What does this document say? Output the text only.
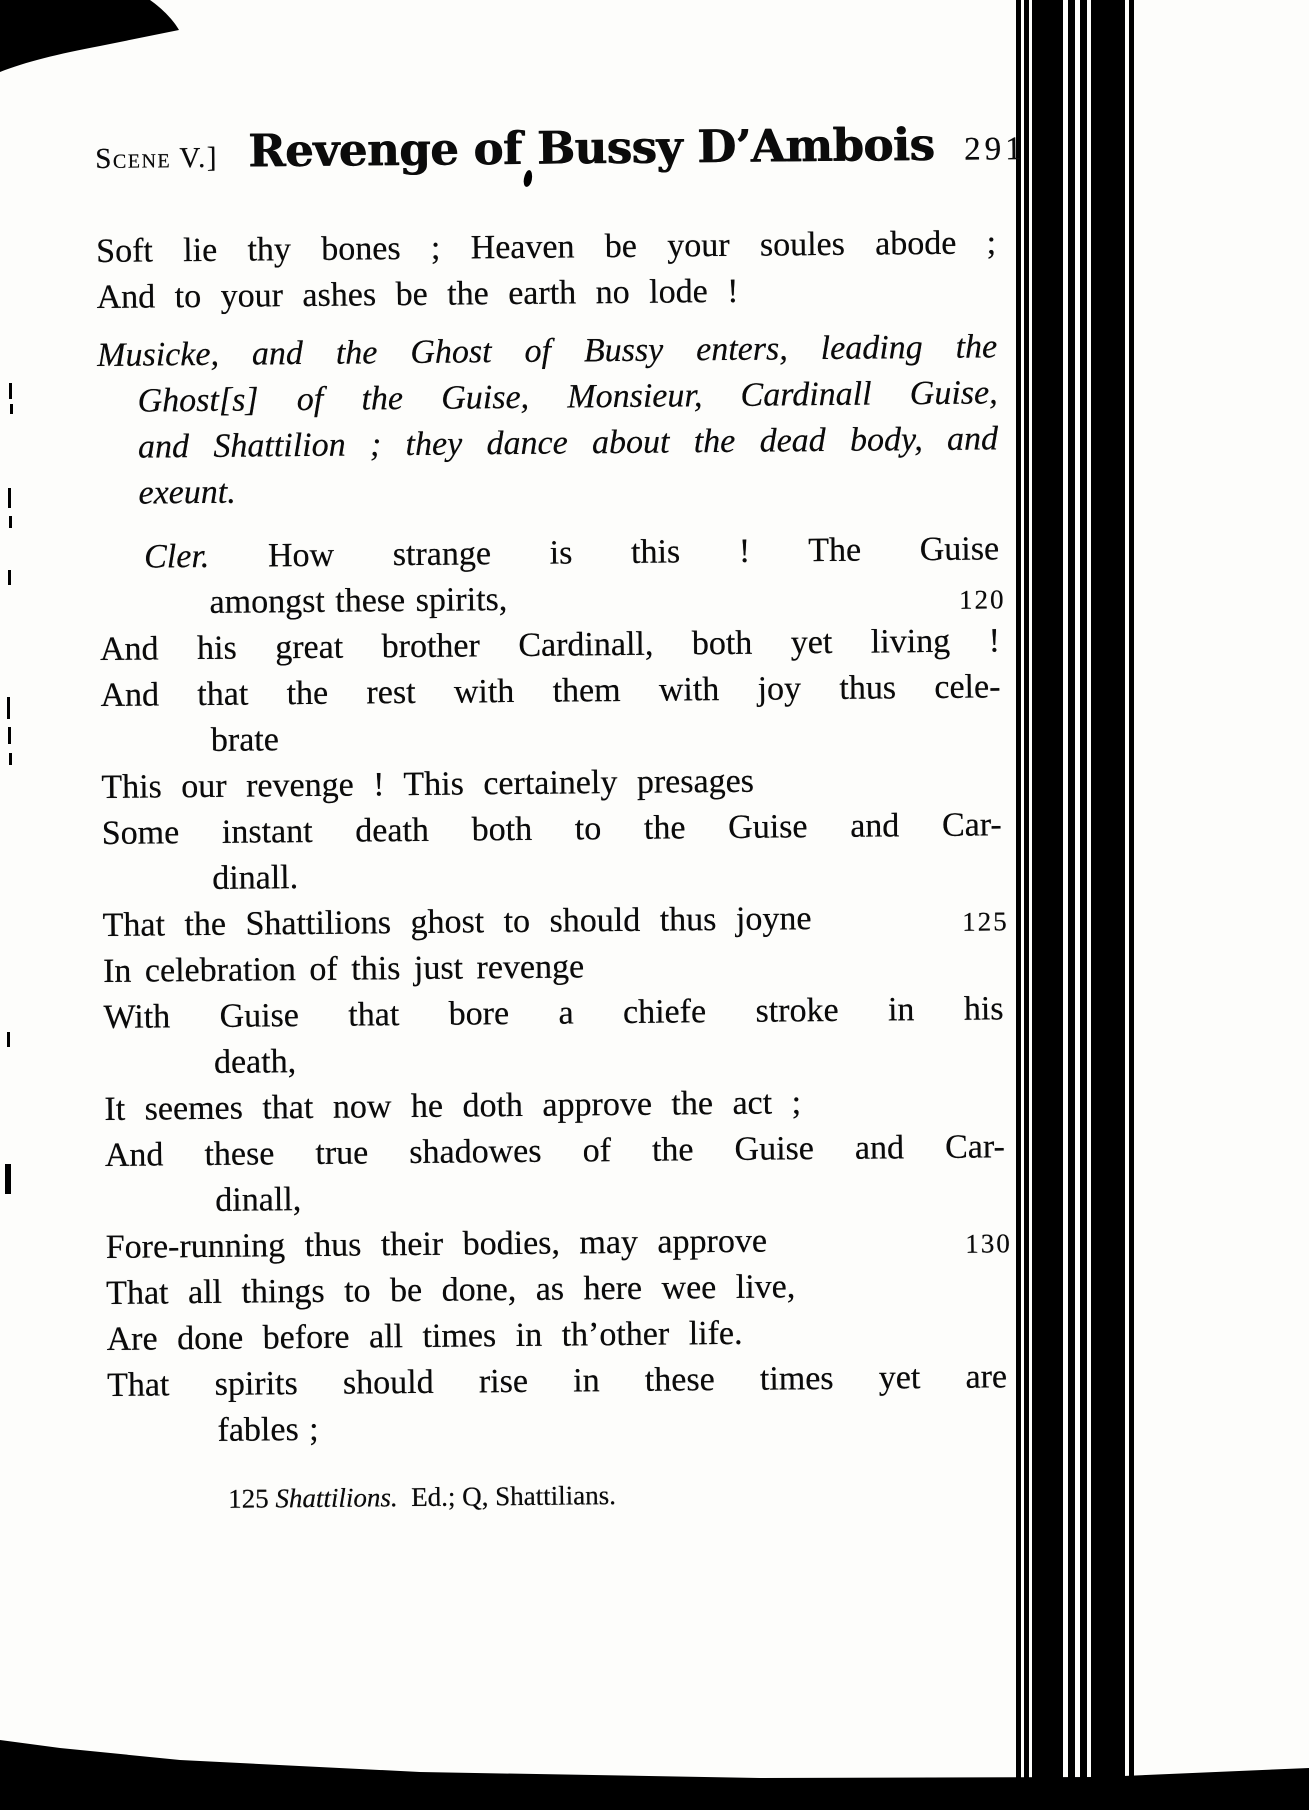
Scene V.] Revenge of Bussy D’Ambois 291
Soft lie thy bones ; Heaven be your soules abode ;
And to your ashes be the earth no lode !
Musicke, and the Ghost of Bussy enters, leading the
Ghost[s] of the Guise, Monsieur, Cardinall Guise,
and Shattilion ; they dance about the dead body, and
exeunt.
Cler. How strange is this ! The Guise
amongst these spirits,	120
And his great brother Cardinall, both yet living !
And that the rest with them with joy thus cele-
brate
This our revenge ! This certainely presages
Some instant death both to the Guise and Car-
dinall.
That the Shattilions ghost to should thus joyne	125
In celebration of this just revenge
With Guise that bore a chiefe stroke in his
death,
It seemes that now he doth approve the act ;
And these true shadowes of the Guise and Car-
dinall,
Fore-running thus their bodies, may approve	130
That all things to be done, as here wee live,
Are done before all times in th’other life.
That spirits should rise in these times yet are
fables ;
125 Shattilions.  Ed.; Q, Shattilians.
